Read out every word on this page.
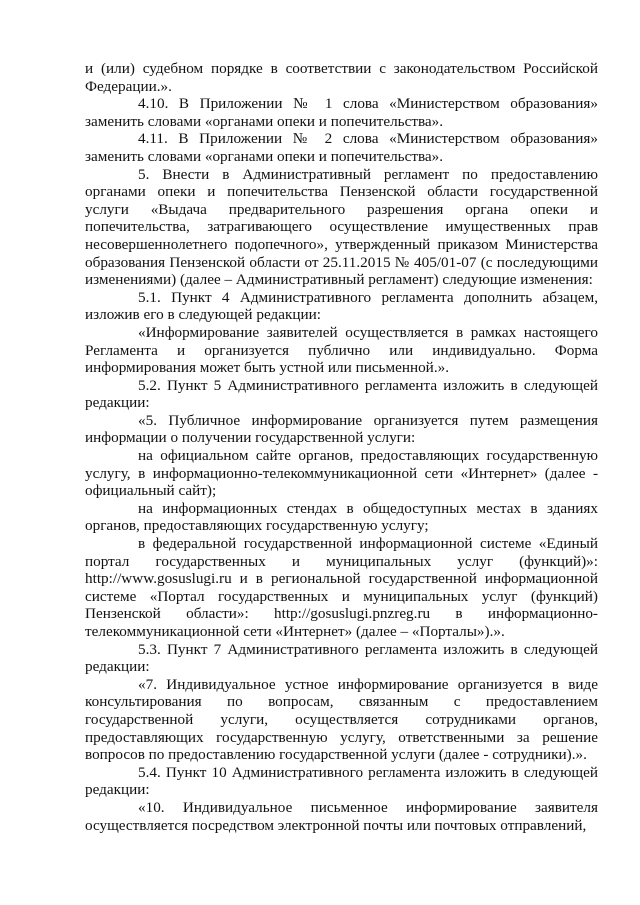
и (или) судебном порядке в соответствии с законодательством Российской Федерации.».

4.10. В Приложении № 1 слова «Министерством образования» заменить словами «органами опеки и попечительства».

4.11. В Приложении № 2 слова «Министерством образования» заменить словами «органами опеки и попечительства».

5. Внести в Административный регламент по предоставлению органами опеки и попечительства Пензенской области государственной услуги «Выдача предварительного разрешения органа опеки и попечительства, затрагивающего осуществление имущественных прав несовершеннолетнего подопечного», утвержденный приказом Министерства образования Пензенской области от 25.11.2015 № 405/01-07 (с последующими изменениями) (далее – Административный регламент) следующие изменения:

5.1. Пункт 4 Административного регламента дополнить абзацем, изложив его в следующей редакции:

«Информирование заявителей осуществляется в рамках настоящего Регламента и организуется публично или индивидуально. Форма информирования может быть устной или письменной.».

5.2. Пункт 5 Административного регламента изложить в следующей редакции:

«5. Публичное информирование организуется путем размещения информации о получении государственной услуги:

на официальном сайте органов, предоставляющих государственную услугу, в информационно-телекоммуникационной сети «Интернет» (далее - официальный сайт);

на информационных стендах в общедоступных местах в зданиях органов, предоставляющих государственную услугу;

в федеральной государственной информационной системе «Единый портал государственных и муниципальных услуг (функций)»: http://www.gosuslugi.ru и в региональной государственной информационной системе «Портал государственных и муниципальных услуг (функций) Пензенской области»: http://gosuslugi.pnzreg.ru в информационно-телекоммуникационной сети «Интернет» (далее – «Порталы»).».

5.3. Пункт 7 Административного регламента изложить в следующей редакции:

«7. Индивидуальное устное информирование организуется в виде консультирования по вопросам, связанным с предоставлением государственной услуги, осуществляется сотрудниками органов, предоставляющих государственную услугу, ответственными за решение вопросов по предоставлению государственной услуги (далее - сотрудники).».

5.4. Пункт 10 Административного регламента изложить в следующей редакции:

«10. Индивидуальное письменное информирование заявителя осуществляется посредством электронной почты или почтовых отправлений,
